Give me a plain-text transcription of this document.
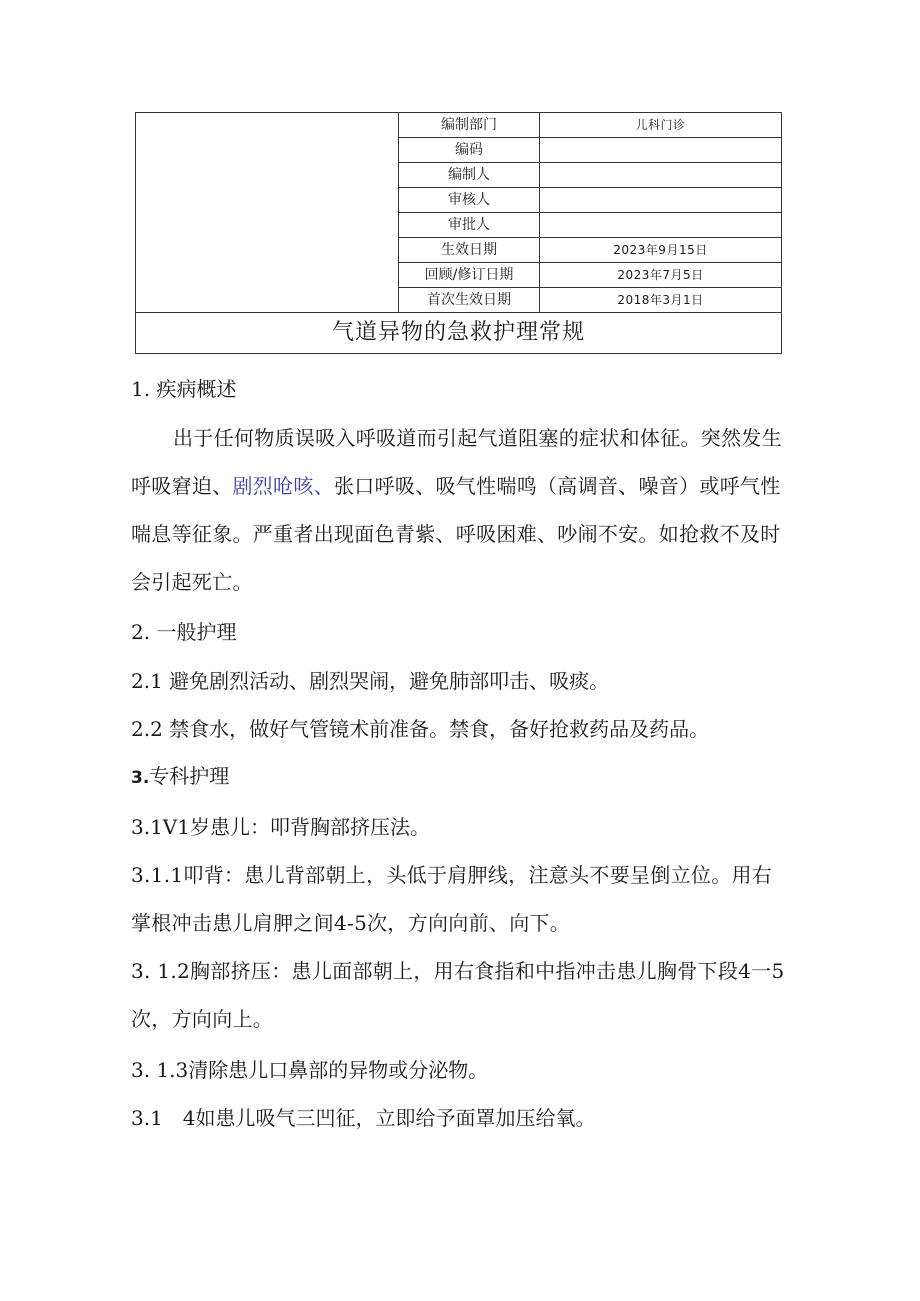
	编制部门	儿科门诊
	编码	
	编制人	
	审核人	
	审批人	
	生效日期	2023年9月15日
	回顾/修订日期	2023年7月5日
	首次生效日期	2018年3月1日
气道异物的急救护理常规		
1. 疾病概述
出于任何物质误吸入呼吸道而引起气道阻塞的症状和体征。突然发生呼吸窘迫、剧烈呛咳、张口呼吸、吸气性喘鸣（高调音、噪音）或呼气性喘息等征象。严重者出现面色青紫、呼吸困难、吵闹不安。如抢救不及时会引起死亡。
2. 一般护理
2.1 避免剧烈活动、剧烈哭闹，避免肺部叩击、吸痰。
2.2 禁食水，做好气管镜术前准备。禁食，备好抢救药品及药品。
3.专科护理
3.1V1岁患儿：叩背胸部挤压法。
3.1.1叩背：患儿背部朝上，头低于肩胛线，注意头不要呈倒立位。用右掌根冲击患儿肩胛之间4-5次，方向向前、向下。
3. 1.2胸部挤压：患儿面部朝上，用右食指和中指冲击患儿胸骨下段4一5次，方向向上。
3. 1.3清除患儿口鼻部的异物或分泌物。
3.1　4如患儿吸气三凹征，立即给予面罩加压给氧。
